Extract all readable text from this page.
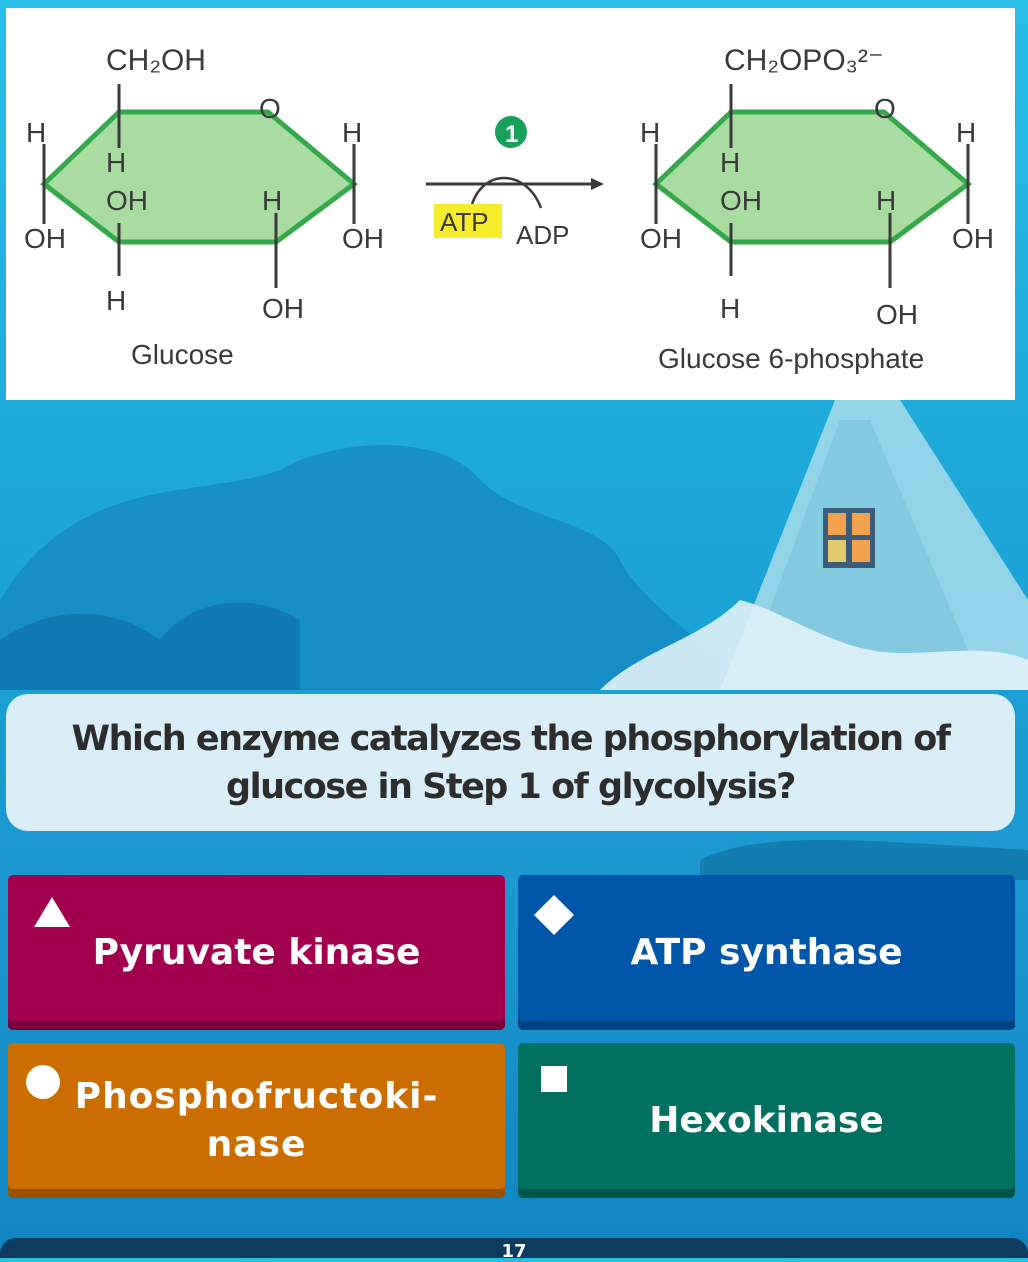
CH₂OH
O
H
H
H
OH	H
OH	OH
H	OH
Glucose
1
ATP ADP
CH₂OPO₃²⁻
O
H
H
H
OH	H
OH	OH
H	OH
Glucose 6-phosphate
Which enzyme catalyzes the phosphorylation of glucose in Step 1 of glycolysis?
Pyruvate kinase	ATP synthase
Phosphofructoki-
nase
Hexokinase
17
